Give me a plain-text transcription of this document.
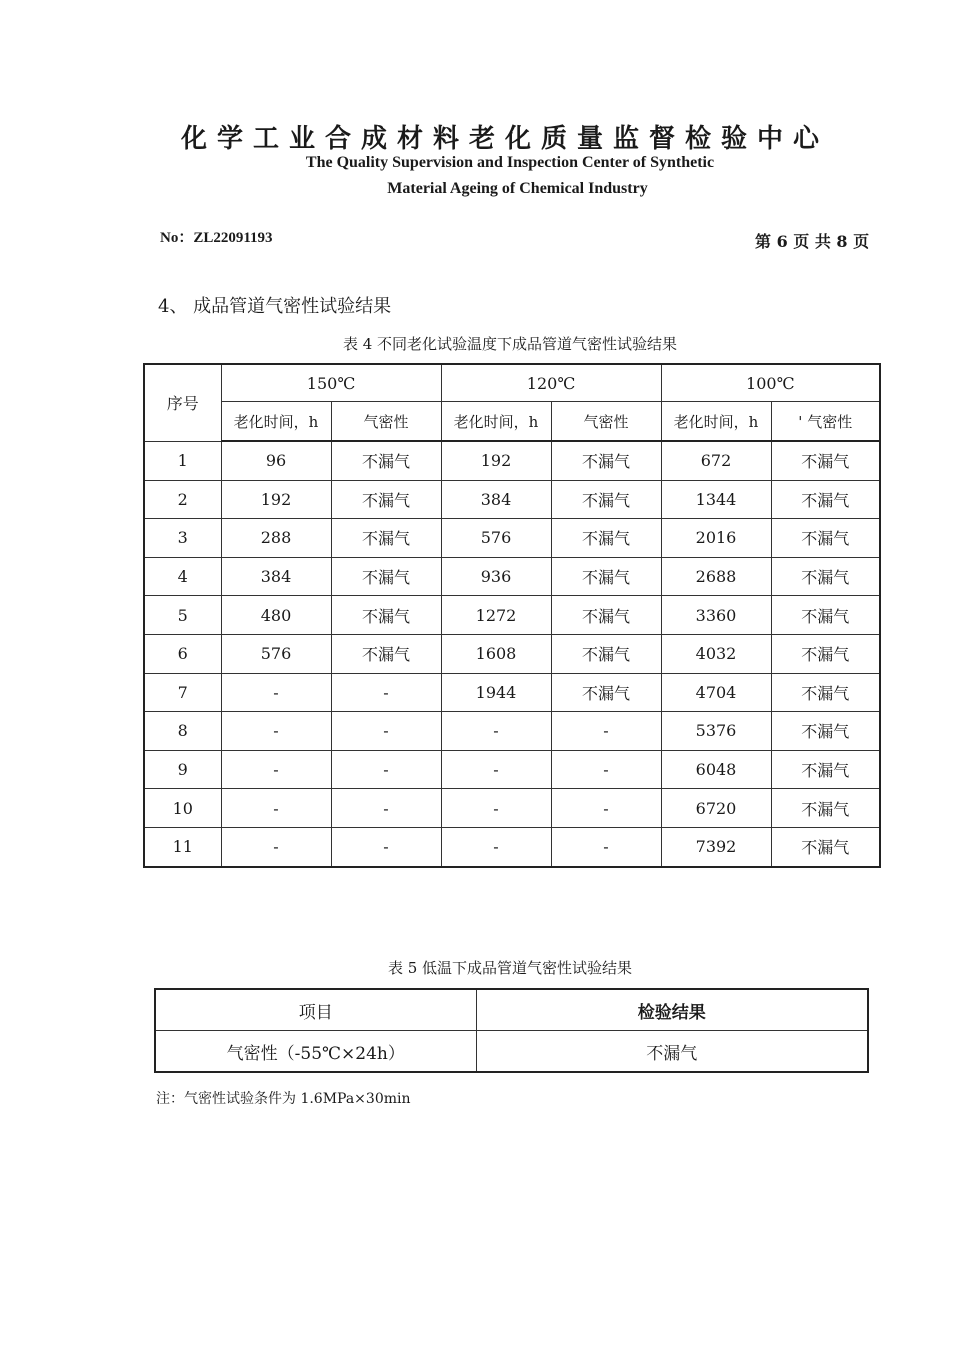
化学工业合成材料老化质量监督检验中心
The Quality Supervision and Inspection Center of Synthetic
Material Ageing of Chemical Industry
No：ZL22091193	第 6 页 共 8 页
4、 成品管道气密性试验结果
表 4 不同老化试验温度下成品管道气密性试验结果
序号	150℃		120℃		100℃	
	老化时间，h	气密性	老化时间，h	气密性	老化时间，h	' 气密性
1	96	不漏气	192	不漏气	672	不漏气
2	192	不漏气	384	不漏气	1344	不漏气
3	288	不漏气	576	不漏气	2016	不漏气
4	384	不漏气	936	不漏气	2688	不漏气
5	480	不漏气	1272	不漏气	3360	不漏气
6	576	不漏气	1608	不漏气	4032	不漏气
7	-	-	1944	不漏气	4704	不漏气
8	-	-	-	-	5376	不漏气
9	-	-	-	-	6048	不漏气
10	-	-	-	-	6720	不漏气
11	-	-	-	-	7392	不漏气
表 5 低温下成品管道气密性试验结果
项目	检验结果
气密性（-55℃×24h）	不漏气
注：气密性试验条件为 1.6MPa×30min
